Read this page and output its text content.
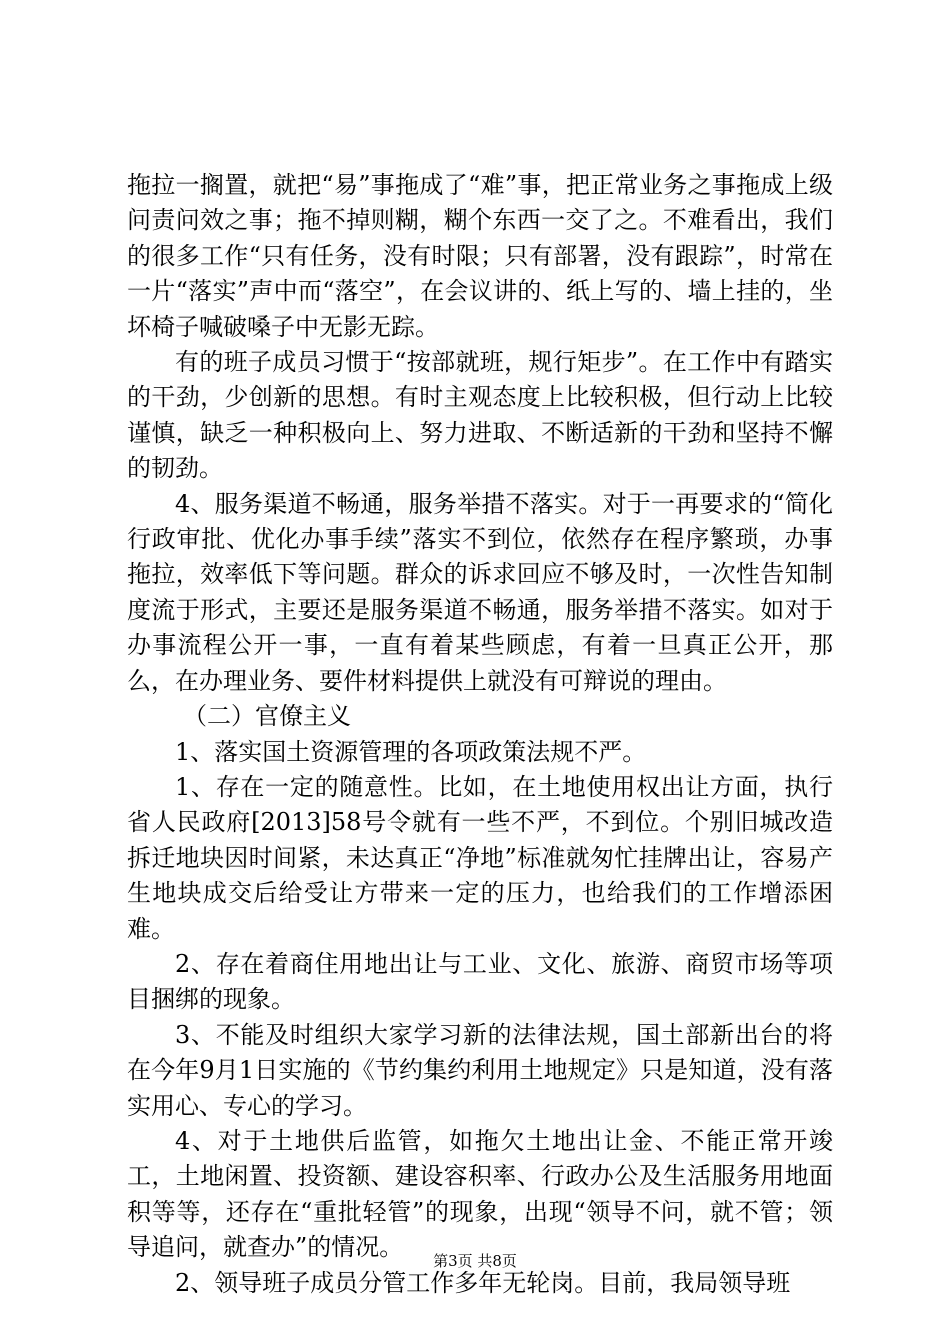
拖拉一搁置，就把“易”事拖成了“难”事，把正常业务之事拖成上级问责问效之事；拖不掉则糊，糊个东西一交了之。不难看出，我们的很多工作“只有任务，没有时限；只有部署，没有跟踪”，时常在一片“落实”声中而“落空”，在会议讲的、纸上写的、墙上挂的，坐坏椅子喊破嗓子中无影无踪。

有的班子成员习惯于“按部就班，规行矩步”。在工作中有踏实的干劲，少创新的思想。有时主观态度上比较积极，但行动上比较谨慎，缺乏一种积极向上、努力进取、不断适新的干劲和坚持不懈的韧劲。

4、服务渠道不畅通，服务举措不落实。对于一再要求的“简化行政审批、优化办事手续”落实不到位，依然存在程序繁琐，办事拖拉，效率低下等问题。群众的诉求回应不够及时，一次性告知制度流于形式，主要还是服务渠道不畅通，服务举措不落实。如对于办事流程公开一事，一直有着某些顾虑，有着一旦真正公开，那么，在办理业务、要件材料提供上就没有可辩说的理由。

（二）官僚主义

1、落实国土资源管理的各项政策法规不严。

1、存在一定的随意性。比如，在土地使用权出让方面，执行省人民政府[2013]58号令就有一些不严，不到位。个别旧城改造拆迁地块因时间紧，未达真正“净地”标准就匆忙挂牌出让，容易产生地块成交后给受让方带来一定的压力，也给我们的工作增添困难。

2、存在着商住用地出让与工业、文化、旅游、商贸市场等项目捆绑的现象。

3、不能及时组织大家学习新的法律法规，国土部新出台的将在今年9月1日实施的《节约集约利用土地规定》只是知道，没有落实用心、专心的学习。

4、对于土地供后监管，如拖欠土地出让金、不能正常开竣工，土地闲置、投资额、建设容积率、行政办公及生活服务用地面积等等，还存在“重批轻管”的现象，出现“领导不问，就不管；领导追问，就查办”的情况。

2、领导班子成员分管工作多年无轮岗。目前，我局领导班

第3页 共8页
